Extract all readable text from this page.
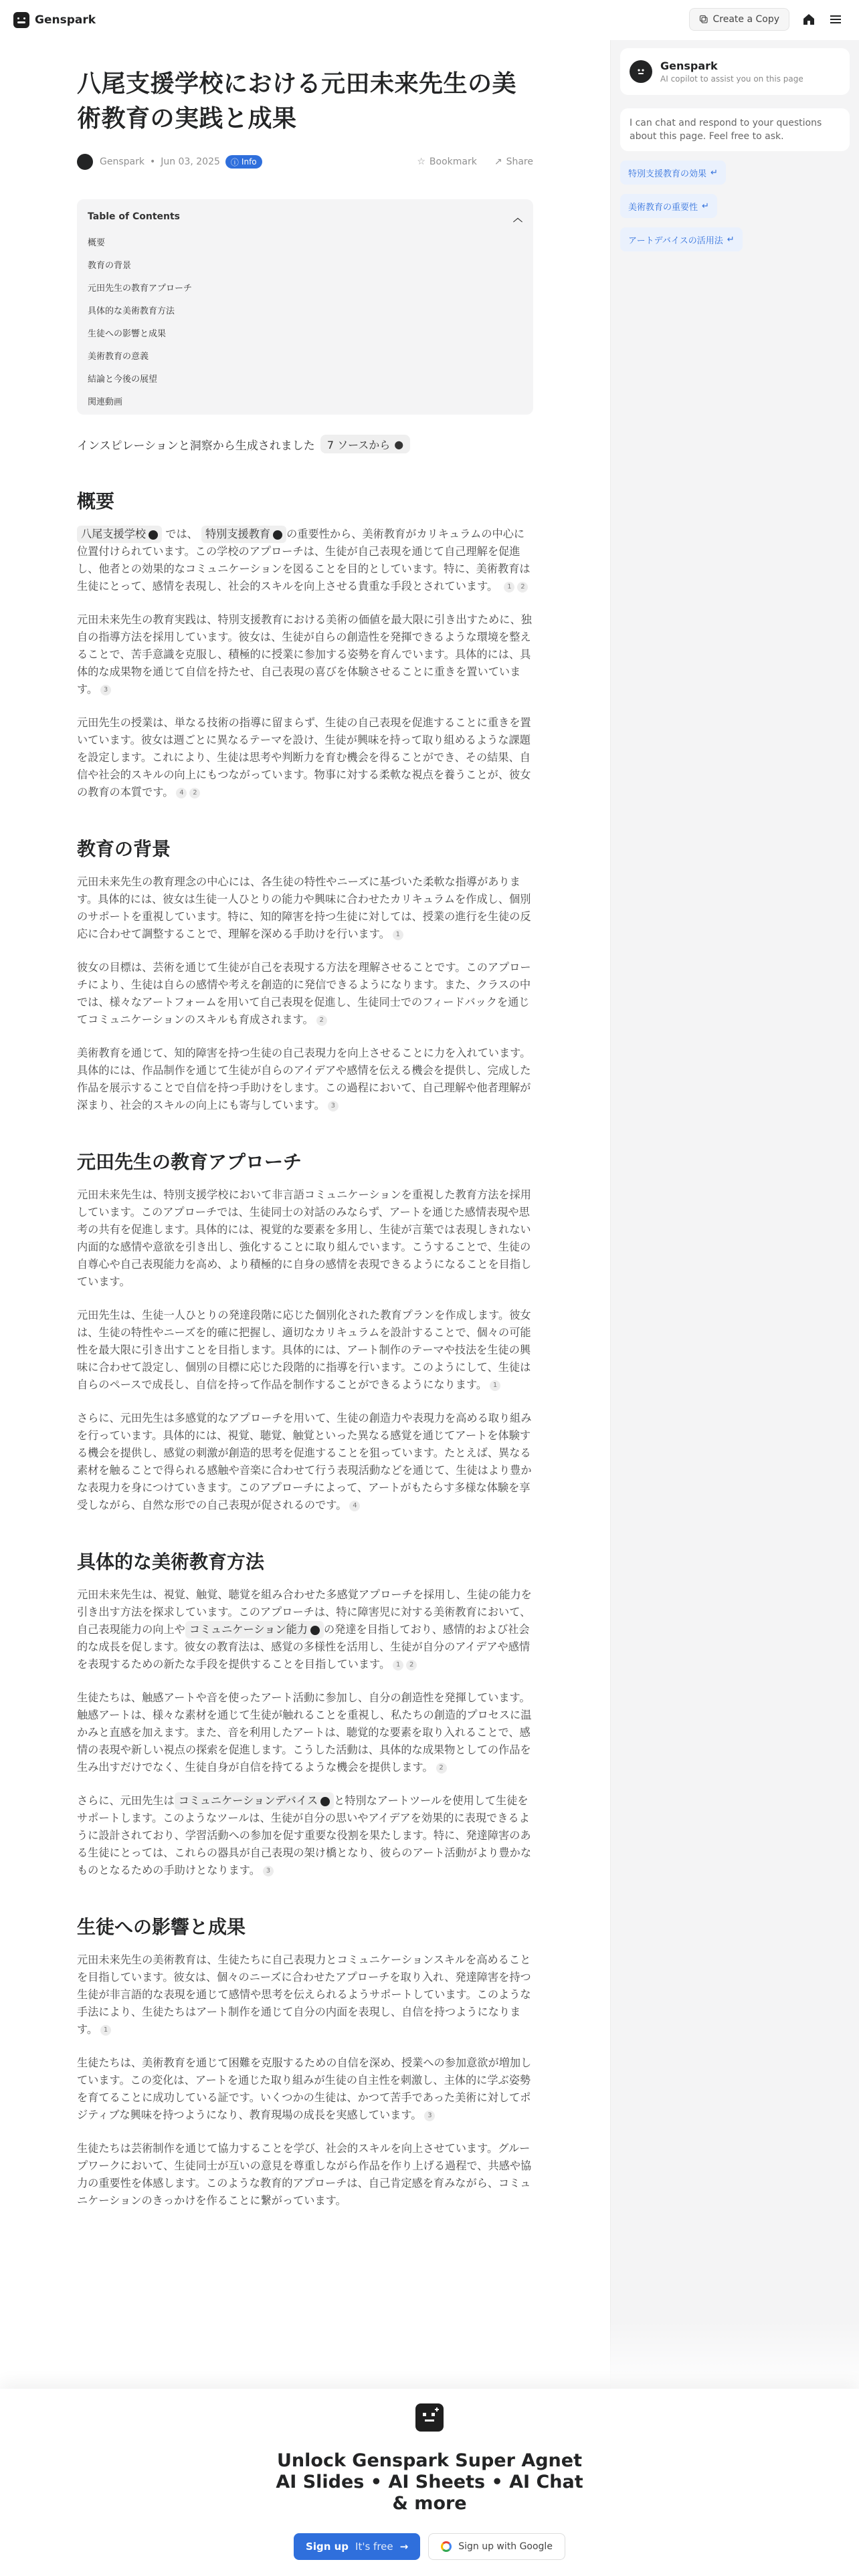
Genspark	Create a Copy
Genspark
AI copilot to assist you on this page
I can chat and respond to your questions about this page. Feel free to ask.
特別支援教育の効果 ↵
美術教育の重要性 ↵
アートデバイスの活用法 ↵
八尾支援学校における元田未来先生の美術教育の実践と成果
Genspark • Jun 03, 2025 ⓘ Info	☆ Bookmark ↗ Share
Table of Contents	︿
概要
教育の背景
元田先生の教育アプローチ
具体的な美術教育方法
生徒への影響と成果
美術教育の意義
結論と今後の展望
関連動画
インスピレーションと洞察から生成されました 7 ソースから ●
概要

八尾支援学校 では、 特別支援教育 の重要性から、美術教育がカリキュラムの中心に位置付けられています。この学校のアプローチは、生徒が自己表現を通じて自己理解を促進し、他者との効果的なコミュニケーションを図ることを目的としています。特に、美術教育は生徒にとって、感情を表現し、社会的スキルを向上させる貴重な手段とされています。 1 2

元田未来先生の教育実践は、特別支援教育における美術の価値を最大限に引き出すために、独自の指導方法を採用しています。彼女は、生徒が自らの創造性を発揮できるような環境を整えることで、苦手意識を克服し、積極的に授業に参加する姿勢を育んでいます。具体的には、具体的な成果物を通じて自信を持たせ、自己表現の喜びを体験させることに重きを置いています。 3

元田先生の授業は、単なる技術の指導に留まらず、生徒の自己表現を促進することに重きを置いています。彼女は週ごとに異なるテーマを設け、生徒が興味を持って取り組めるような課題を設定します。これにより、生徒は思考や判断力を育む機会を得ることができ、その結果、自信や社会的スキルの向上にもつながっています。物事に対する柔軟な視点を養うことが、彼女の教育の本質です。 4 2

教育の背景

元田未来先生の教育理念の中心には、各生徒の特性やニーズに基づいた柔軟な指導があります。具体的には、彼女は生徒一人ひとりの能力や興味に合わせたカリキュラムを作成し、個別のサポートを重視しています。特に、知的障害を持つ生徒に対しては、授業の進行を生徒の反応に合わせて調整することで、理解を深める手助けを行います。 1

彼女の目標は、芸術を通じて生徒が自己を表現する方法を理解させることです。このアプローチにより、生徒は自らの感情や考えを創造的に発信できるようになります。また、クラスの中では、様々なアートフォームを用いて自己表現を促進し、生徒同士でのフィードバックを通じてコミュニケーションのスキルも育成されます。 2

美術教育を通じて、知的障害を持つ生徒の自己表現力を向上させることに力を入れています。具体的には、作品制作を通じて生徒が自らのアイデアや感情を伝える機会を提供し、完成した作品を展示することで自信を持つ手助けをします。この過程において、自己理解や他者理解が深まり、社会的スキルの向上にも寄与しています。 3

元田先生の教育アプローチ

元田未来先生は、特別支援学校において非言語コミュニケーションを重視した教育方法を採用しています。このアプローチでは、生徒同士の対話のみならず、アートを通じた感情表現や思考の共有を促進します。具体的には、視覚的な要素を多用し、生徒が言葉では表現しきれない内面的な感情や意欲を引き出し、強化することに取り組んでいます。こうすることで、生徒の自尊心や自己表現能力を高め、より積極的に自身の感情を表現できるようになることを目指しています。

元田先生は、生徒一人ひとりの発達段階に応じた個別化された教育プランを作成します。彼女は、生徒の特性やニーズを的確に把握し、適切なカリキュラムを設計することで、個々の可能性を最大限に引き出すことを目指します。具体的には、アート制作のテーマや技法を生徒の興味に合わせて設定し、個別の目標に応じた段階的に指導を行います。このようにして、生徒は自らのペースで成長し、自信を持って作品を制作することができるようになります。 1

さらに、元田先生は多感覚的なアプローチを用いて、生徒の創造力や表現力を高める取り組みを行っています。具体的には、視覚、聴覚、触覚といった異なる感覚を通じてアートを体験する機会を提供し、感覚の刺激が創造的思考を促進することを狙っています。たとえば、異なる素材を触ることで得られる感触や音楽に合わせて行う表現活動などを通じて、生徒はより豊かな表現力を身につけていきます。このアプローチによって、アートがもたらす多様な体験を享受しながら、自然な形での自己表現が促されるのです。 4

具体的な美術教育方法

元田未来先生は、視覚、触覚、聴覚を組み合わせた多感覚アプローチを採用し、生徒の能力を引き出す方法を探求しています。このアプローチは、特に障害児に対する美術教育において、自己表現能力の向上や コミュニケーション能力 の発達を目指しており、感情的および社会的な成長を促します。彼女の教育法は、感覚の多様性を活用し、生徒が自分のアイデアや感情を表現するための新たな手段を提供することを目指しています。 1 2

生徒たちは、触感アートや音を使ったアート活動に参加し、自分の創造性を発揮しています。触感アートは、様々な素材を通じて生徒が触れることを重視し、私たちの創造的プロセスに温かみと直感を加えます。また、音を利用したアートは、聴覚的な要素を取り入れることで、感情の表現や新しい視点の探索を促進します。こうした活動は、具体的な成果物としての作品を生み出すだけでなく、生徒自身が自信を持てるような機会を提供します。 2

さらに、元田先生は コミュニケーションデバイス と特別なアートツールを使用して生徒をサポートします。このようなツールは、生徒が自分の思いやアイデアを効果的に表現できるように設計されており、学習活動への参加を促す重要な役割を果たします。特に、発達障害のある生徒にとっては、これらの器具が自己表現の架け橋となり、彼らのアート活動がより豊かなものとなるための手助けとなります。 3

生徒への影響と成果

元田未来先生の美術教育は、生徒たちに自己表現力とコミュニケーションスキルを高めることを目指しています。彼女は、個々のニーズに合わせたアプローチを取り入れ、発達障害を持つ生徒が非言語的な表現を通じて感情や思考を伝えられるようサポートしています。このような手法により、生徒たちはアート制作を通じて自分の内面を表現し、自信を持つようになります。 1

生徒たちは、美術教育を通じて困難を克服するための自信を深め、授業への参加意欲が増加しています。この変化は、アートを通じた取り組みが生徒の自主性を刺激し、主体的に学ぶ姿勢を育てることに成功している証です。いくつかの生徒は、かつて苦手であった美術に対してポジティブな興味を持つようになり、教育現場の成長を実感しています。 3

生徒たちは芸術制作を通じて協力することを学び、社会的スキルを向上させています。グループワークにおいて、生徒同士が互いの意見を尊重しながら作品を作り上げる過程で、共感や協力の重要性を体感します。このような教育的アプローチは、自己肯定感を育みながら、コミュニケーションのきっかけを作ることに繋がっています。

Unlock Genspark Super Agnet AI Slides • AI Sheets • AI Chat & more
Sign up It's free →	Sign up with Google
